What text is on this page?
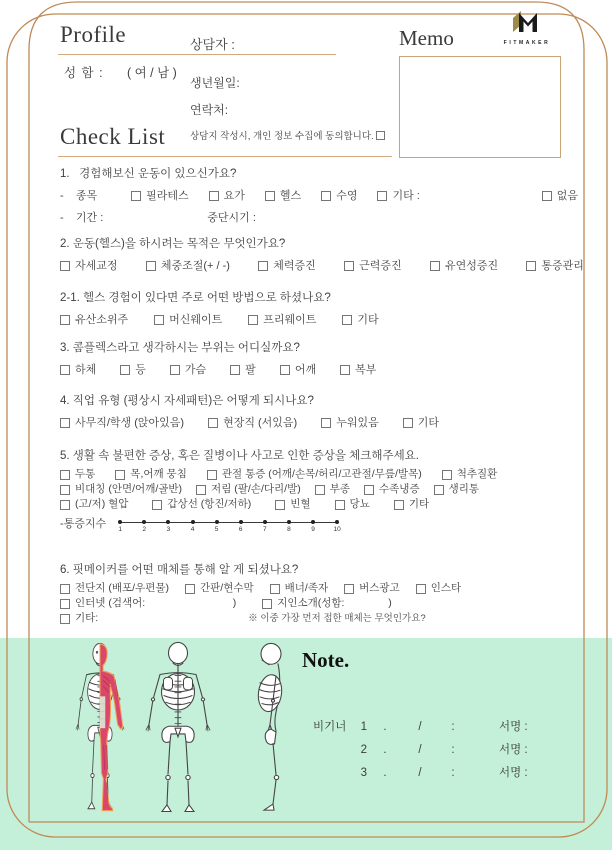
Profile	상담자 :	Memo	FITMAKER
성 함 : ( 여 / 남 )
생년월일:
연락처:
상담지 작성시, 개인 정보 수집에 동의합니다.
Check List
1.   경험해보신 운동이 있으신가요?
-    종목	필라테스	요가	헬스	수영	기타 :	없음
-    기간 :	중단시기 :
2. 운동(헬스)을 하시려는 목적은 무엇인가요?
자세교정	체중조절(+ / -)	체력증진	근력증진	유연성증진	통증관리
2-1. 헬스 경험이 있다면 주로 어떤 방법으로 하셨나요?
유산소위주	머신웨이트	프리웨이트	기타
3. 콤플렉스라고 생각하시는 부위는 어디실까요?
하체	등	가슴	팔	어깨	복부
4. 직업 유형 (평상시 자세패턴)은 어떻게 되시나요?
사무직/학생 (앉아있음)	현장직 (서있음)	누워있음	기타
5. 생활 속 불편한 증상, 혹은 질병이나 사고로 인한 증상을 체크해주세요.
두통	목,어깨 뭉침	관절 통증 (어깨/손목/허리/고관절/무릎/발목)	척추질환
비대칭 (안면/어깨/골반)	저림 (팔/손/다리/발)	부종	수족냉증	생리통
(고/저) 혈압	갑상선 (항진/저하)	빈혈	당뇨	기타
-통증지수 1	2	3	4	5	6	7	8	9	10
6. 핏메이커를 어떤 매체를 통해 알 게 되셨나요?
전단지 (배포/우편물)	간판/현수막	배너/족자	버스광고	인스타
인터넷 (검색어:                              )	지인소개(성함:               )
기타:	※ 이중 가장 먼저 접한 매체는 무엇인가요?
Note.
비기너	1	.	/	:	서명 :
2	.	/	:	서명 :
3	.	/	:	서명 :
